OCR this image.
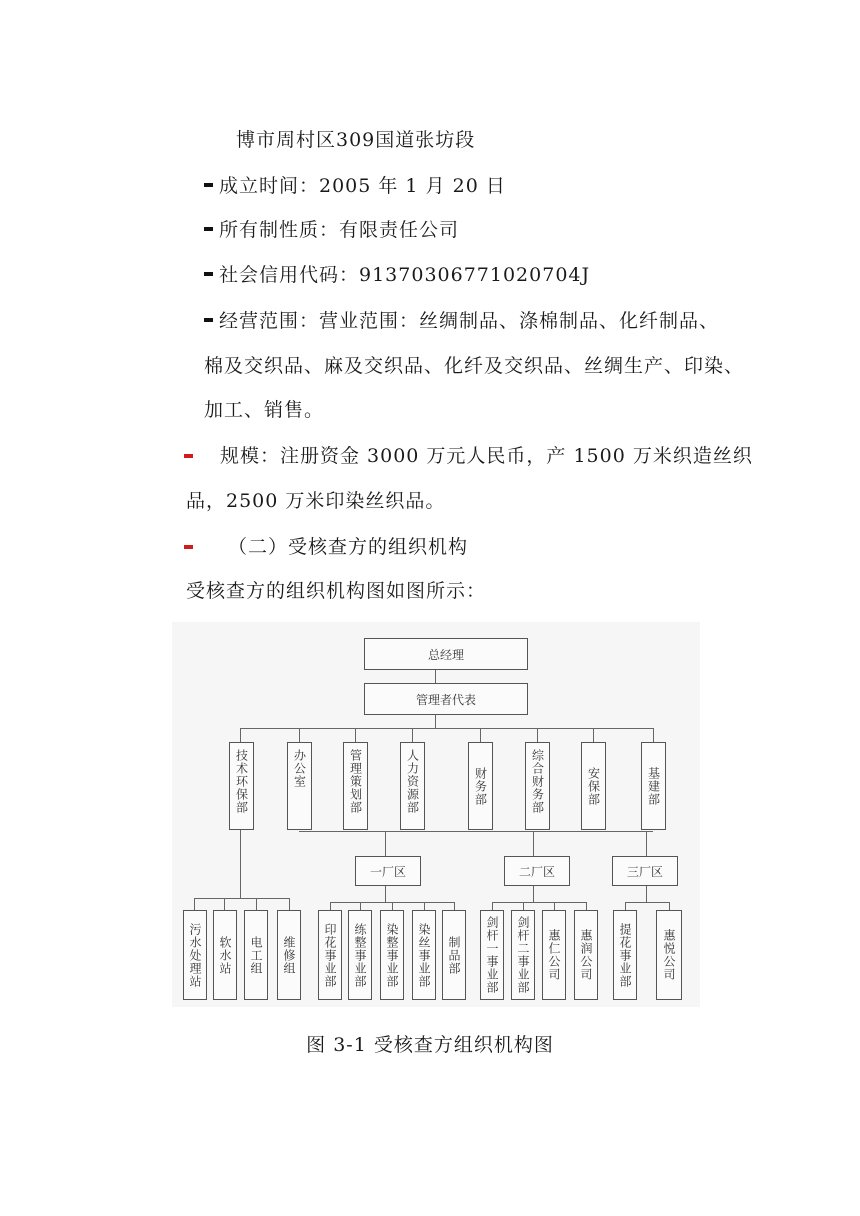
博市周村区309国道张坊段
成立时间：2005 年 1 月 20 日
所有制性质：有限责任公司
社会信用代码：91370306771020704J
经营范围：营业范围：丝绸制品、涤棉制品、化纤制品、
棉及交织品、麻及交织品、化纤及交织品、丝绸生产、印染、
加工、销售。
规模：注册资金 3000 万元人民币，产 1500 万米织造丝织
品，2500 万米印染丝织品。
（二）受核查方的组织机构
受核查方的组织机构图如图所示：
总经理
管理者代表
技术环保部	办公室	管理策划部	人力资源部	财务部	综合财务部	安保部	基建部
一厂区	二厂区	三厂区
污水处理站	软水站	电工组	维修组	印花事业部	练整事业部	染整事业部	染丝事业部	制品部	剑杆一事业部	剑杆二事业部	惠仁公司	惠润公司	提花事业部	惠悦公司
图 3-1 受核查方组织机构图
